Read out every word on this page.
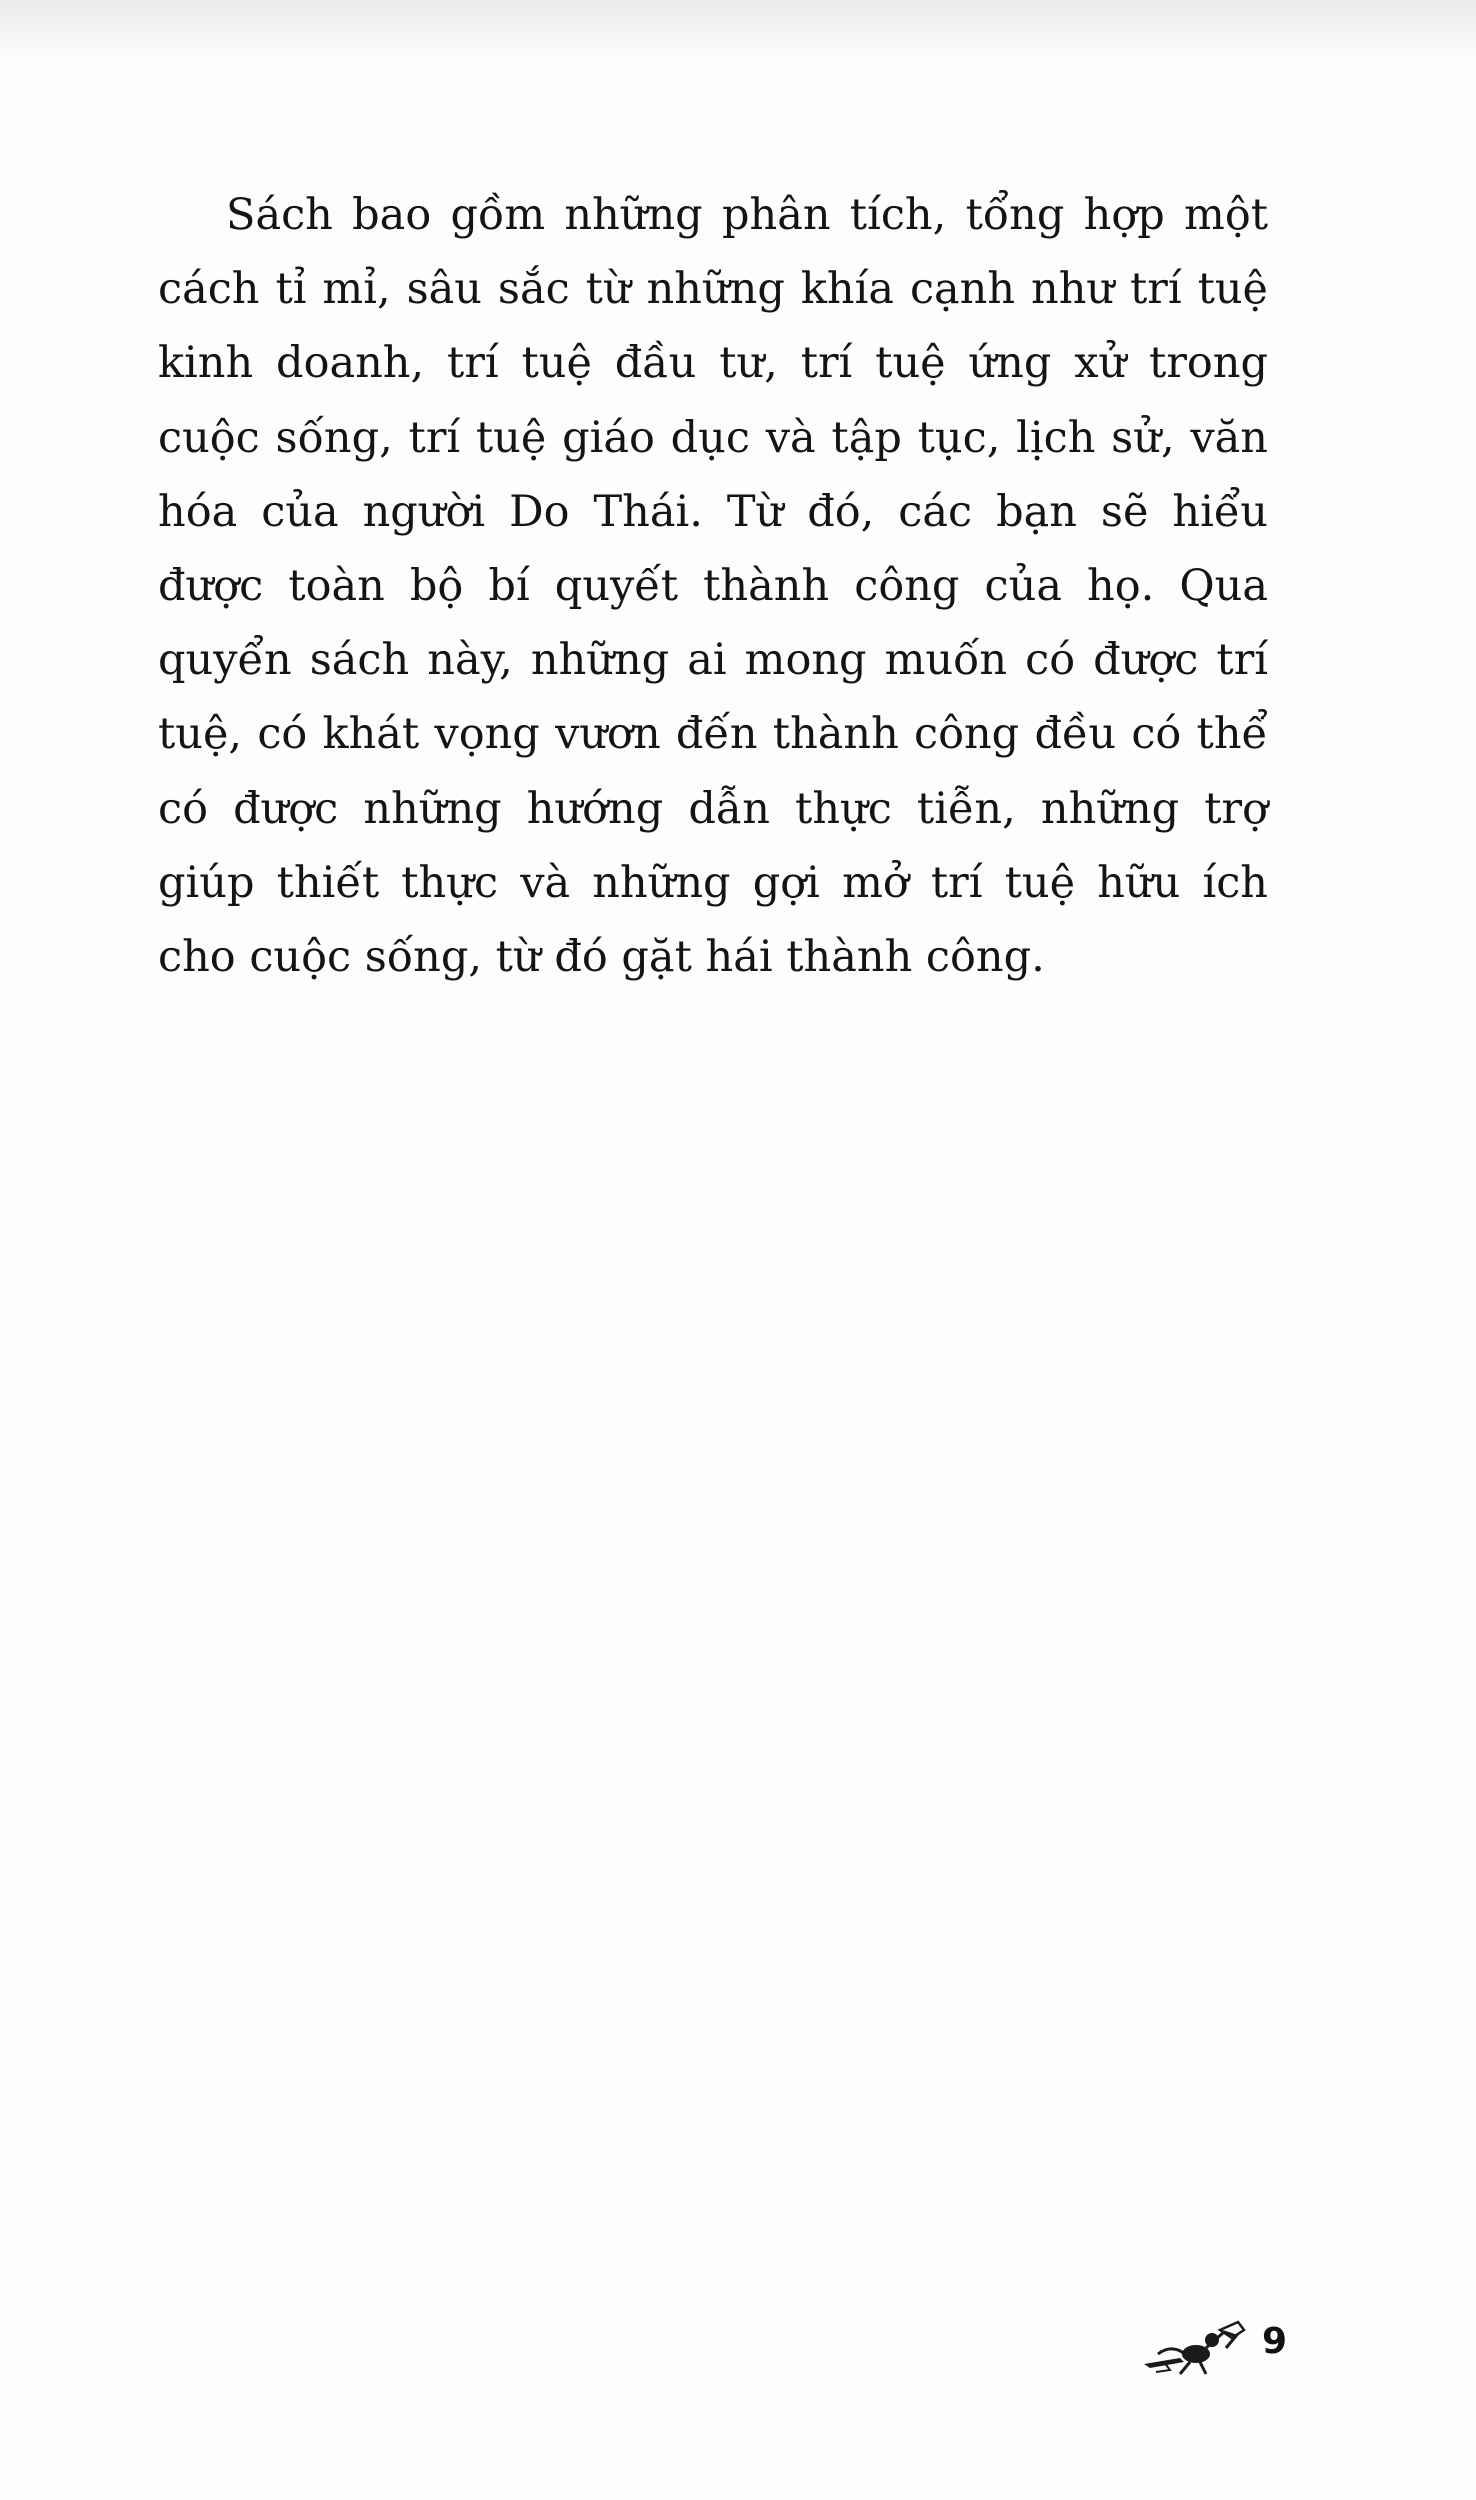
Sách bao gồm những phân tích, tổng hợp một
cách tỉ mỉ, sâu sắc từ những khía cạnh như trí tuệ
kinh doanh, trí tuệ đầu tư, trí tuệ ứng xử trong
cuộc sống, trí tuệ giáo dục và tập tục, lịch sử, văn
hóa của người Do Thái. Từ đó, các bạn sẽ hiểu
được toàn bộ bí quyết thành công của họ. Qua
quyển sách này, những ai mong muốn có được trí
tuệ, có khát vọng vươn đến thành công đều có thể
có được những hướng dẫn thực tiễn, những trợ
giúp thiết thực và những gợi mở trí tuệ hữu ích
cho cuộc sống, từ đó gặt hái thành công.
9
